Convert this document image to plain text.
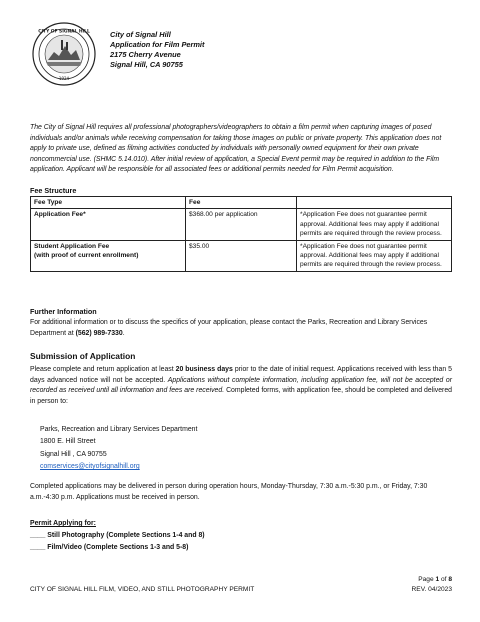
CITY OF SIGNAL HILL
1924
City of Signal Hill
Application for Film Permit
2175 Cherry Avenue
Signal Hill, CA 90755
The City of Signal Hill requires all professional photographers/videographers to obtain a film permit when capturing images of posed individuals and/or animals while receiving compensation for taking those images on public or private property. This application does not apply to private use, defined as filming activities conducted by individuals with personally owned equipment for their own private noncommercial use. (SHMC 5.14.010). After initial review of application, a Special Event permit may be required in addition to the Film application. Applicant will be responsible for all associated fees or additional permits needed for Film Permit acquisition.
Fee Structure
Fee Type	Fee	
Application Fee*	$368.00 per application	*Application Fee does not guarantee permit approval. Additional fees may apply if additional permits are required through the review process.

Student Application Fee
(with proof of current enrollment)	$35.00	*Application Fee does not guarantee permit approval. Additional fees may apply if additional permits are required through the review process.
Further Information
For additional information or to discuss the specifics of your application, please contact the Parks, Recreation and Library Services Department at (562) 989-7330.
Submission of Application
Please complete and return application at least 20 business days prior to the date of initial request. Applications received with less than 5 days advanced notice will not be accepted. Applications without complete information, including application fee, will not be accepted or recorded as received until all information and fees are received. Completed forms, with application fee, should be completed and delivered in person to:
Parks, Recreation and Library Services Department
1800 E. Hill Street
Signal Hill , CA 90755
comservices@cityofsignalhill.org
Completed applications may be delivered in person during operation hours, Monday-Thursday, 7:30 a.m.-5:30 p.m., or Friday, 7:30 a.m.-4:30 p.m. Applications must be received in person.
Permit Applying for:
____ Still Photography (Complete Sections 1-4 and 8)
____ Film/Video (Complete Sections 1-3 and 5-8)
CITY OF SIGNAL HILL FILM, VIDEO, AND STILL PHOTOGRAPHY PERMIT
Page 1 of 8
REV. 04/2023
